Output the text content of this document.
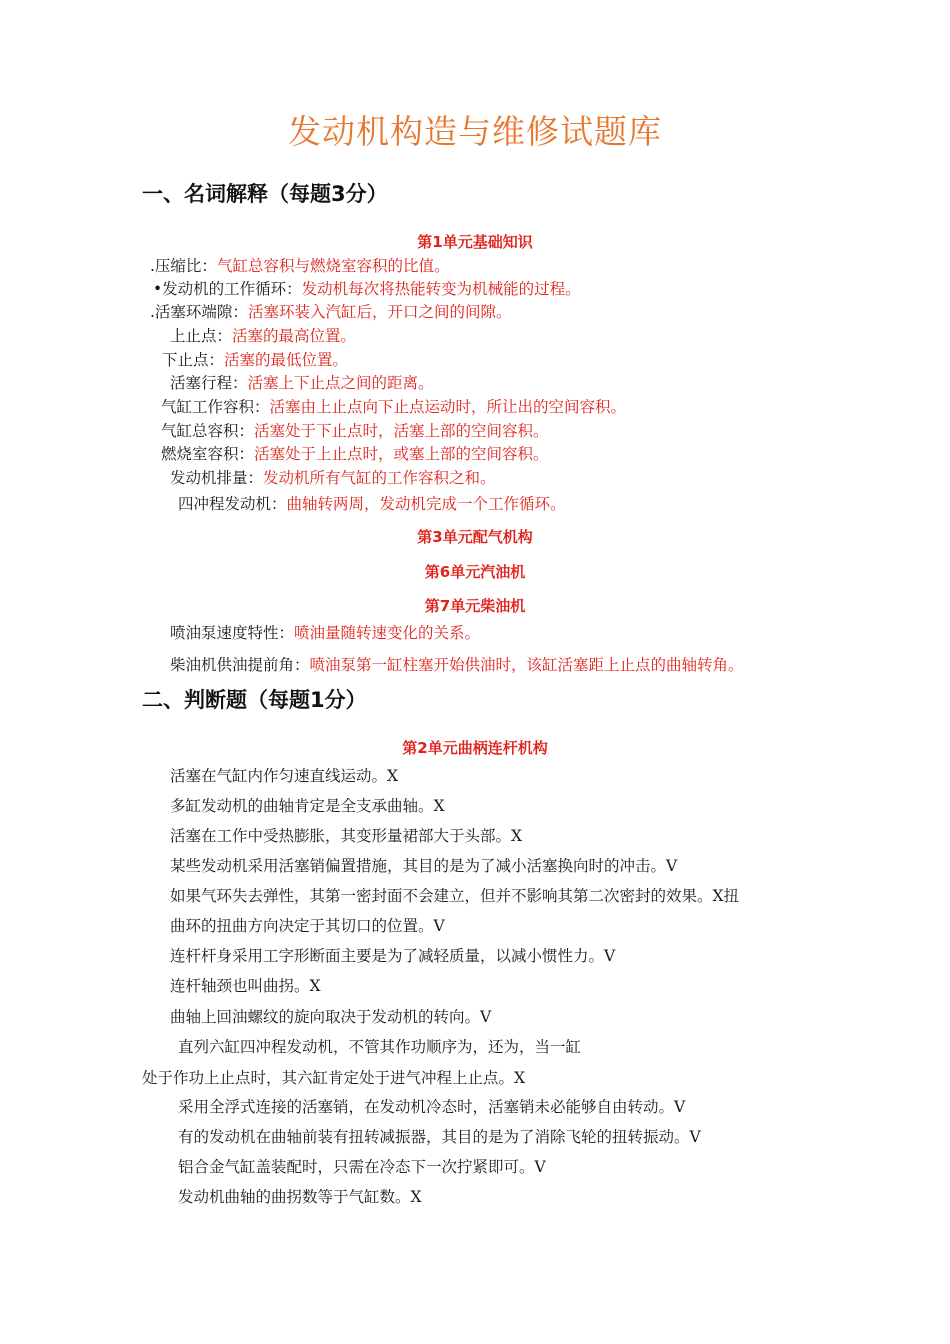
发动机构造与维修试题库
一、名词解释（每题3分）
第1单元基础知识
.压缩比：气缸总容积与燃烧室容积的比值。
•发动机的工作循环：发动机每次将热能转变为机械能的过程。
.活塞环端隙：活塞环装入汽缸后，开口之间的间隙。
上止点：活塞的最高位置。
下止点：活塞的最低位置。
活塞行程：活塞上下止点之间的距离。
气缸工作容积：活塞由上止点向下止点运动时，所让出的空间容积。
气缸总容积：活塞处于下止点时，活塞上部的空间容积。
燃烧室容积：活塞处于上止点时，或塞上部的空间容积。
发动机排量：发动机所有气缸的工作容积之和。
四冲程发动机：曲轴转两周，发动机完成一个工作循环。
第3单元配气机构
第6单元汽油机
第7单元柴油机
喷油泵速度特性：喷油量随转速变化的关系。
柴油机供油提前角：喷油泵第一缸柱塞开始供油时，该缸活塞距上止点的曲轴转角。
二、判断题（每题1分）
第2单元曲柄连杆机构
活塞在气缸内作匀速直线运动。X
多缸发动机的曲轴肯定是全支承曲轴。X
活塞在工作中受热膨胀，其变形量裙部大于头部。X
某些发动机采用活塞销偏置措施，其目的是为了减小活塞换向时的冲击。V
如果气环失去弹性，其第一密封面不会建立，但并不影响其第二次密封的效果。X扭
曲环的扭曲方向决定于其切口的位置。V
连杆杆身采用工字形断面主要是为了减轻质量，以减小惯性力。V
连杆轴颈也叫曲拐。X
曲轴上回油螺纹的旋向取决于发动机的转向。V
直列六缸四冲程发动机，不管其作功顺序为，还为，当一缸
处于作功上止点时，其六缸肯定处于进气冲程上止点。X
采用全浮式连接的活塞销，在发动机冷态时，活塞销未必能够自由转动。V
有的发动机在曲轴前装有扭转减振器，其目的是为了消除飞轮的扭转振动。V
铝合金气缸盖装配时，只需在冷态下一次拧紧即可。V
发动机曲轴的曲拐数等于气缸数。X
